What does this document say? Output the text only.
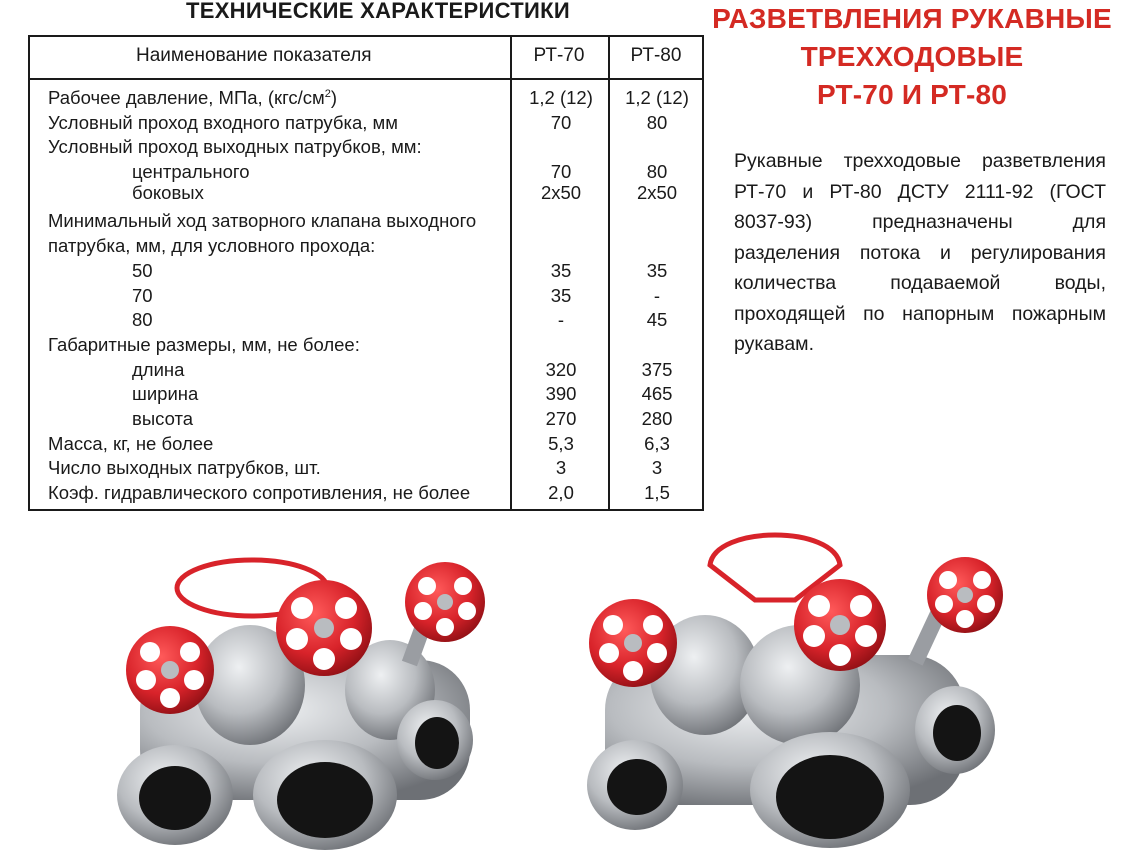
ТЕХНИЧЕСКИЕ ХАРАКТЕРИСТИКИ
Наименование показателя	РТ-70	РТ-80
Рабочее давление, МПа, $(кгс/см^2)$	1,2 (12)	1,2 (12)
Условный проход входного патрубка, мм	70	80
Условный проход выходных патрубков, мм:
центрального	70	80
боковых	2х50	2х50
Минимальный ход затворного клапана выходного
патрубка, мм, для условного прохода:
50	35	35
70	35	-
80	-	45
Габаритные размеры, мм, не более:
длина	320	375
ширина	390	465
высота	270	280
Масса, кг, не более	5,3	6,3
Число выходных патрубков, шт.	3	3
Коэф. гидравлического сопротивления, не более	2,0	1,5
РАЗВЕТВЛЕНИЯ РУКАВНЫЕ
ТРЕХХОДОВЫЕ
РТ-70 И РТ-80
Рукавные трехходовые разветвления РТ-70 и РТ-80 ДСТУ 2111-92 (ГОСТ 8037-93) предназначены для разделения потока и регулирования количества подаваемой воды, проходящей по напорным пожарным рукавам.
